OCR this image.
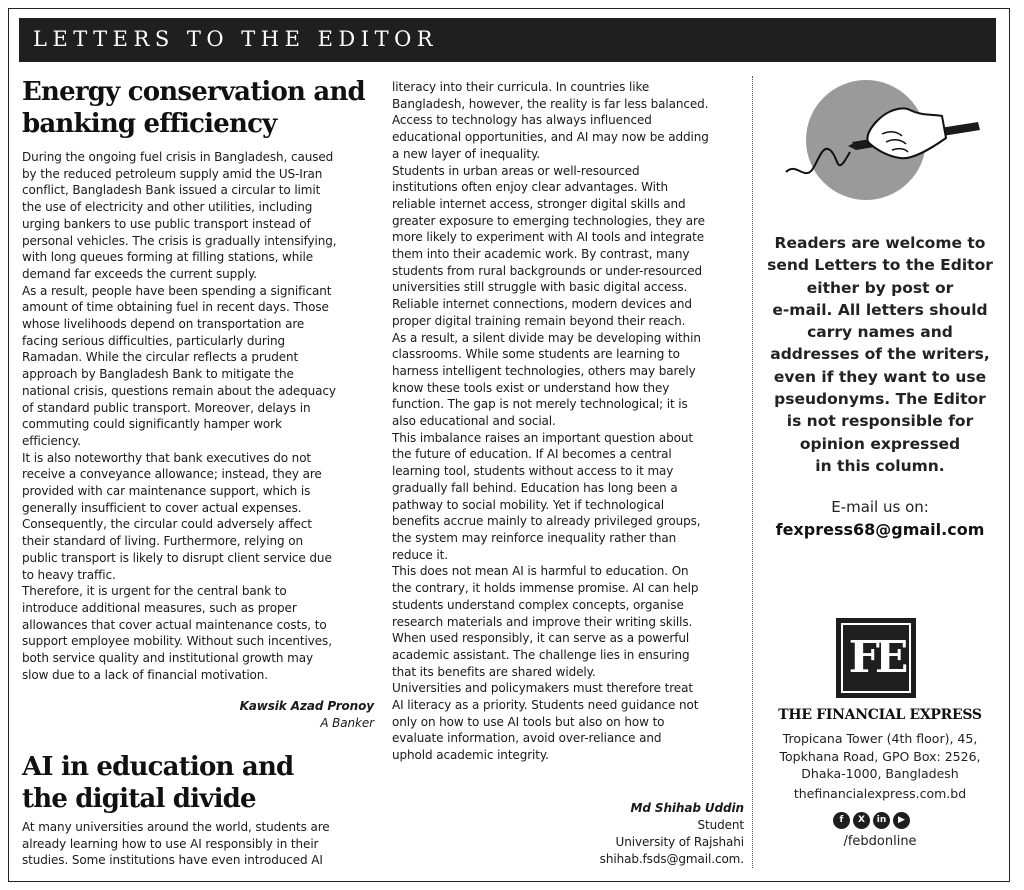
LETTERS TO THE EDITOR
Energy conservation and
banking efficiency

During the ongoing fuel crisis in Bangladesh, caused

by the reduced petroleum supply amid the US-Iran

conflict, Bangladesh Bank issued a circular to limit

the use of electricity and other utilities, including

urging bankers to use public transport instead of

personal vehicles. The crisis is gradually intensifying,

with long queues forming at filling stations, while

demand far exceeds the current supply.

As a result, people have been spending a significant

amount of time obtaining fuel in recent days. Those

whose livelihoods depend on transportation are

facing serious difficulties, particularly during

Ramadan. While the circular reflects a prudent

approach by Bangladesh Bank to mitigate the

national crisis, questions remain about the adequacy

of standard public transport. Moreover, delays in

commuting could significantly hamper work

efficiency.

It is also noteworthy that bank executives do not

receive a conveyance allowance; instead, they are

provided with car maintenance support, which is

generally insufficient to cover actual expenses.

Consequently, the circular could adversely affect

their standard of living. Furthermore, relying on

public transport is likely to disrupt client service due

to heavy traffic.

Therefore, it is urgent for the central bank to

introduce additional measures, such as proper

allowances that cover actual maintenance costs, to

support employee mobility. Without such incentives,

both service quality and institutional growth may

slow due to a lack of financial motivation.

Kawsik Azad Pronoy
A Banker
AI in education and
the digital divide

At many universities around the world, students are

already learning how to use AI responsibly in their

studies. Some institutions have even introduced AI

literacy into their curricula. In countries like

Bangladesh, however, the reality is far less balanced.

Access to technology has always influenced

educational opportunities, and AI may now be adding

a new layer of inequality.

Students in urban areas or well-resourced

institutions often enjoy clear advantages. With

reliable internet access, stronger digital skills and

greater exposure to emerging technologies, they are

more likely to experiment with AI tools and integrate

them into their academic work. By contrast, many

students from rural backgrounds or under-resourced

universities still struggle with basic digital access.

Reliable internet connections, modern devices and

proper digital training remain beyond their reach.

As a result, a silent divide may be developing within

classrooms. While some students are learning to

harness intelligent technologies, others may barely

know these tools exist or understand how they

function. The gap is not merely technological; it is

also educational and social.

This imbalance raises an important question about

the future of education. If AI becomes a central

learning tool, students without access to it may

gradually fall behind. Education has long been a

pathway to social mobility. Yet if technological

benefits accrue mainly to already privileged groups,

the system may reinforce inequality rather than

reduce it.

This does not mean AI is harmful to education. On

the contrary, it holds immense promise. AI can help

students understand complex concepts, organise

research materials and improve their writing skills.

When used responsibly, it can serve as a powerful

academic assistant. The challenge lies in ensuring

that its benefits are shared widely.

Universities and policymakers must therefore treat

AI literacy as a priority. Students need guidance not

only on how to use AI tools but also on how to

evaluate information, avoid over-reliance and

uphold academic integrity.

Md Shihab Uddin
Student
University of Rajshahi
shihab.fsds@gmail.com.

Readers are welcome to

send Letters to the Editor

either by post or

e-mail. All letters should

carry names and

addresses of the writers,

even if they want to use

pseudonyms. The Editor

is not responsible for

opinion expressed

in this column.

E-mail us on:
fexpress68@gmail.com
FE
THE FINANCIAL EXPRESS

Tropicana Tower (4th floor), 45,

Topkhana Road, GPO Box: 2526,

Dhaka-1000, Bangladesh

thefinancialexpress.com.bd
f	X	in	▶
/febdonline
